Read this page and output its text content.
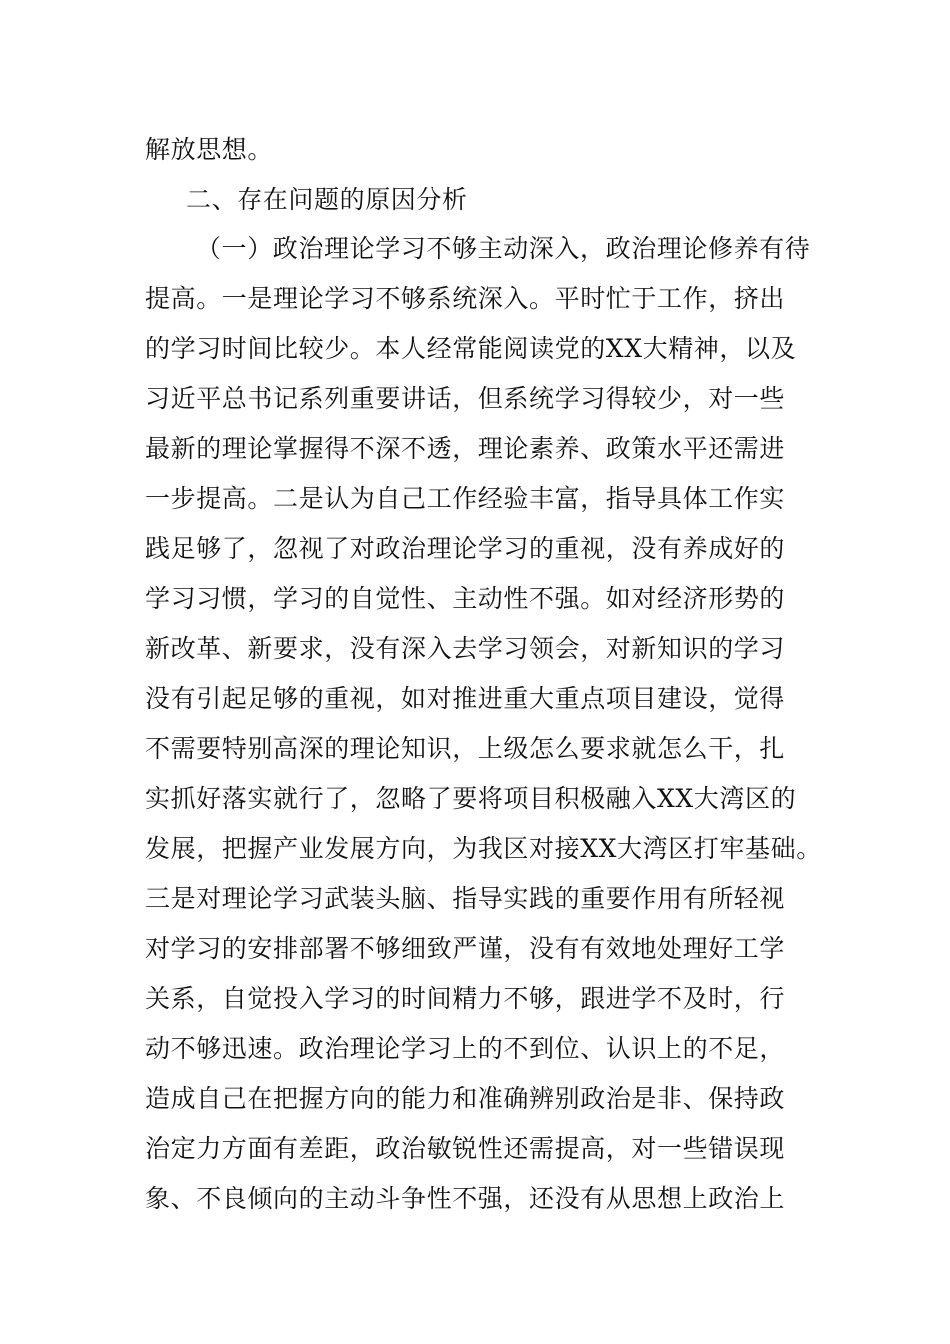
解放思想。
二、存在问题的原因分析
（一）政治理论学习不够主动深入，政治理论修养有待
提高。一是理论学习不够系统深入。平时忙于工作，挤出
的学习时间比较少。本人经常能阅读党的XX大精神，以及
习近平总书记系列重要讲话，但系统学习得较少，对一些
最新的理论掌握得不深不透，理论素养、政策水平还需进
一步提高。二是认为自己工作经验丰富，指导具体工作实
践足够了，忽视了对政治理论学习的重视，没有养成好的
学习习惯，学习的自觉性、主动性不强。如对经济形势的
新改革、新要求，没有深入去学习领会，对新知识的学习
没有引起足够的重视，如对推进重大重点项目建设，觉得
不需要特别高深的理论知识，上级怎么要求就怎么干，扎
实抓好落实就行了，忽略了要将项目积极融入XX大湾区的
发展，把握产业发展方向，为我区对接XX大湾区打牢基础。
三是对理论学习武装头脑、指导实践的重要作用有所轻视
对学习的安排部署不够细致严谨，没有有效地处理好工学
关系，自觉投入学习的时间精力不够，跟进学不及时，行
动不够迅速。政治理论学习上的不到位、认识上的不足，
造成自己在把握方向的能力和准确辨别政治是非、保持政
治定力方面有差距，政治敏锐性还需提高，对一些错误现
象、不良倾向的主动斗争性不强，还没有从思想上政治上
